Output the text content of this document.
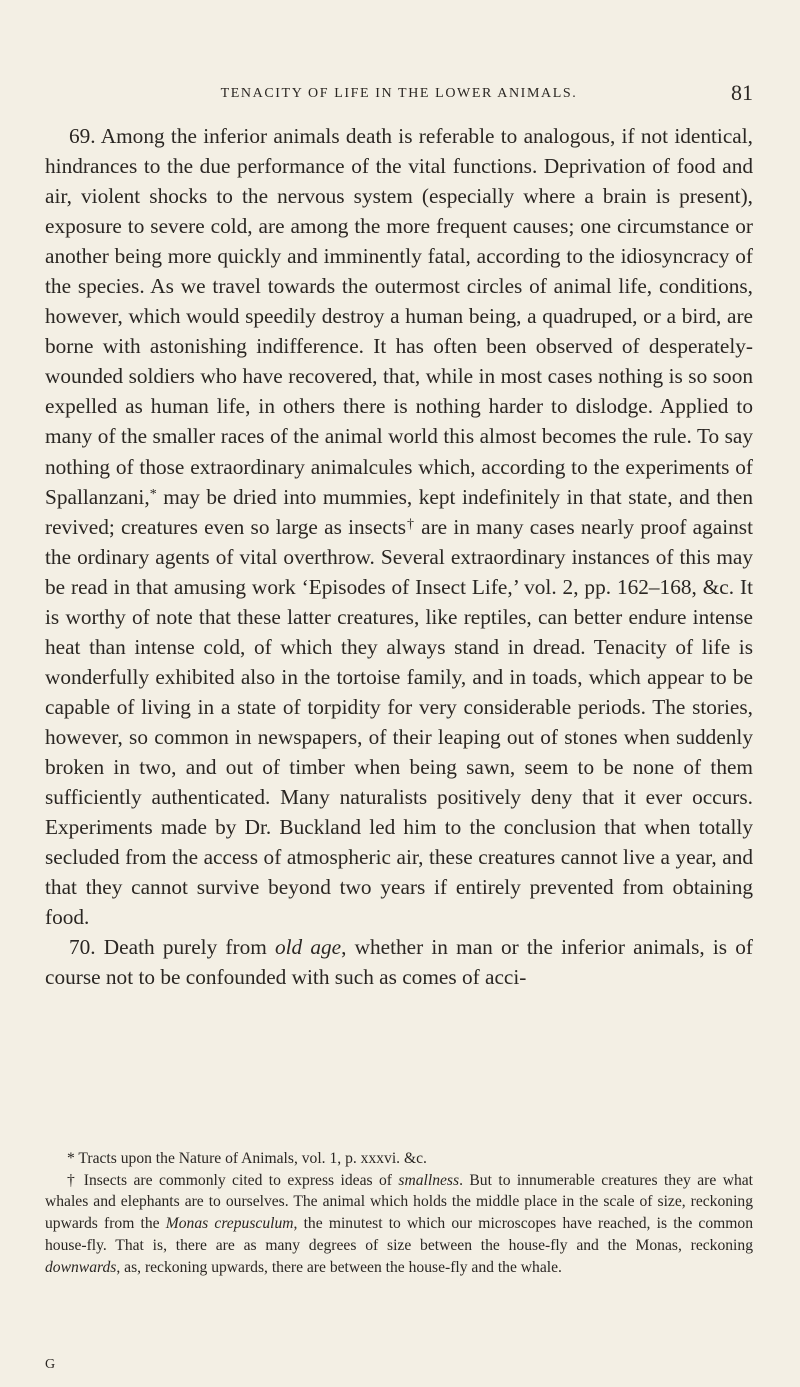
TENACITY OF LIFE IN THE LOWER ANIMALS.	81

69. Among the inferior animals death is referable to analogous, if not identical, hindrances to the due performance of the vital functions. Deprivation of food and air, violent shocks to the nervous system (especially where a brain is present), exposure to severe cold, are among the more frequent causes; one circumstance or another being more quickly and imminently fatal, according to the idiosyncracy of the species. As we travel towards the outermost circles of animal life, conditions, however, which would speedily destroy a human being, a quadruped, or a bird, are borne with astonishing indifference. It has often been observed of desperately-wounded soldiers who have recovered, that, while in most cases nothing is so soon expelled as human life, in others there is nothing harder to dislodge. Applied to many of the smaller races of the animal world this almost becomes the rule. To say nothing of those extraordinary animalcules which, according to the experiments of Spallanzani,* may be dried into mummies, kept indefinitely in that state, and then revived; creatures even so large as insects† are in many cases nearly proof against the ordinary agents of vital overthrow. Several extraordinary instances of this may be read in that amusing work ‘Episodes of Insect Life,’ vol. 2, pp. 162–168, &c. It is worthy of note that these latter creatures, like reptiles, can better endure intense heat than intense cold, of which they always stand in dread. Tenacity of life is wonderfully exhibited also in the tortoise family, and in toads, which appear to be capable of living in a state of torpidity for very considerable periods. The stories, however, so common in newspapers, of their leaping out of stones when suddenly broken in two, and out of timber when being sawn, seem to be none of them sufficiently authenticated. Many naturalists positively deny that it ever occurs. Experiments made by Dr. Buckland led him to the conclusion that when totally secluded from the access of atmospheric air, these creatures cannot live a year, and that they cannot survive beyond two years if entirely prevented from obtaining food.

70. Death purely from old age, whether in man or the inferior animals, is of course not to be confounded with such as comes of acci-

* Tracts upon the Nature of Animals, vol. 1, p. xxxvi. &c.

† Insects are commonly cited to express ideas of smallness. But to innumerable creatures they are what whales and elephants are to ourselves. The animal which holds the middle place in the scale of size, reckoning upwards from the Monas crepusculum, the minutest to which our microscopes have reached, is the common house-fly. That is, there are as many degrees of size between the house-fly and the Monas, reckoning downwards, as, reckoning upwards, there are between the house-fly and the whale.

G
